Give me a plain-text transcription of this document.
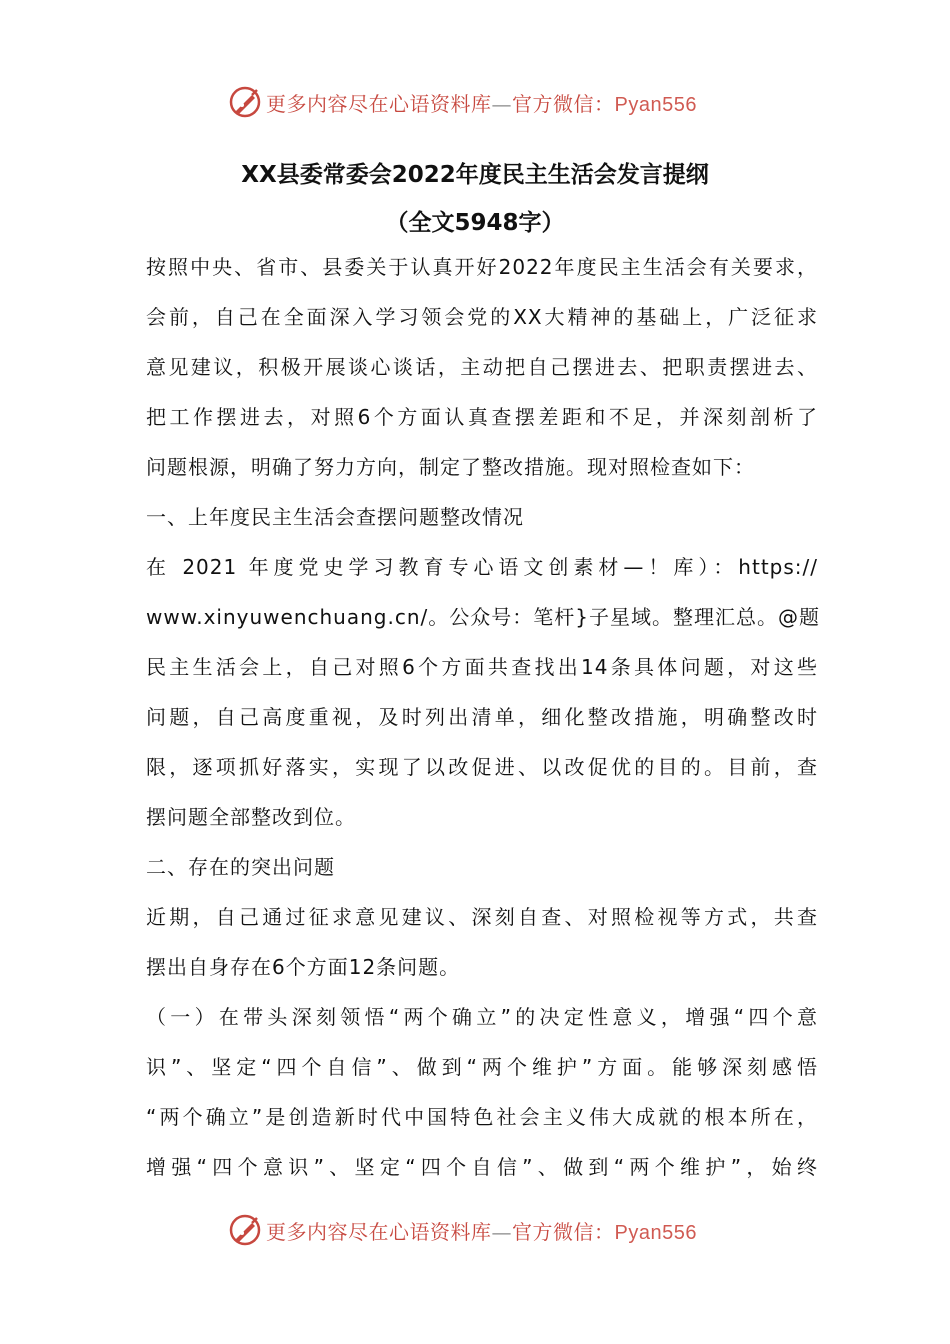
更多内容尽在心语资料库—官方微信：Pyan556
XX县委常委会2022年度民主生活会发言提纲
（全文5948字）
按照中央、省市、县委关于认真开好2022年度民主生活会有关要求，
会前，自己在全面深入学习领会党的XX大精神的基础上，广泛征求
意见建议，积极开展谈心谈话，主动把自己摆进去、把职责摆进去、
把工作摆进去，对照6个方面认真查摆差距和不足，并深刻剖析了
问题根源，明确了努力方向，制定了整改措施。现对照检查如下：
一、上年度民主生活会查摆问题整改情况
在 2021 年度党史学习教育专心语文创素材—！库）：https://
www.xinyuwenchuang.cn/。公众号：笔杆}子星域。整理汇总。@题
民主生活会上，自己对照6个方面共查找出14条具体问题，对这些
问题，自己高度重视，及时列出清单，细化整改措施，明确整改时
限，逐项抓好落实，实现了以改促进、以改促优的目的。目前，查
摆问题全部整改到位。
二、存在的突出问题
近期，自己通过征求意见建议、深刻自查、对照检视等方式，共查
摆出自身存在6个方面12条问题。
（一）在带头深刻领悟“两个确立”的决定性意义，增强“四个意
识”、坚定“四个自信”、做到“两个维护”方面。能够深刻感悟
“两个确立”是创造新时代中国特色社会主义伟大成就的根本所在，
增强“四个意识”、坚定“四个自信”、做到“两个维护”，始终
更多内容尽在心语资料库—官方微信：Pyan556
